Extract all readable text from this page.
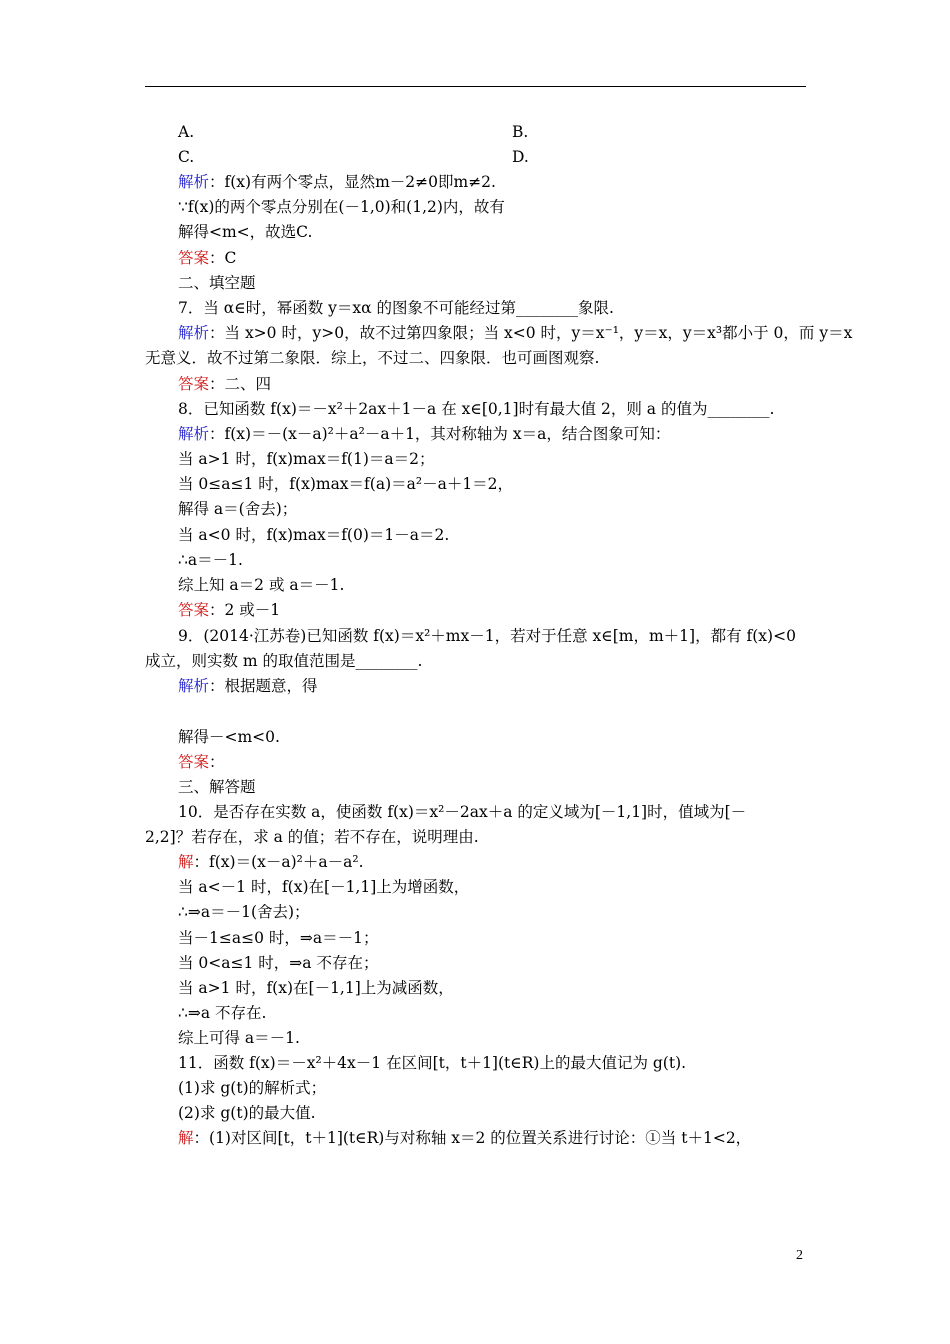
A.	B.
C.	D.
解析：f(x)有两个零点，显然m－2≠0即m≠2.
∵f(x)的两个零点分别在(－1,0)和(1,2)内，故有
解得<m<，故选C.
答案：C
二、填空题
7．当 α∈时，幂函数 y＝xα 的图象不可能经过第________象限.
解析：当 x>0 时，y>0，故不过第四象限；当 x<0 时，y＝x⁻¹，y＝x，y＝x³都小于 0，而 y＝x
无意义．故不过第二象限．综上，不过二、四象限．也可画图观察.
答案：二、四
8．已知函数 f(x)＝－x²＋2ax＋1－a 在 x∈[0,1]时有最大值 2，则 a 的值为________.
解析：f(x)＝－(x－a)²＋a²－a＋1，其对称轴为 x＝a，结合图象可知：
当 a>1 时，f(x)max＝f(1)＝a＝2；
当 0≤a≤1 时，f(x)max＝f(a)＝a²－a＋1＝2，
解得 a＝(舍去)；
当 a<0 时，f(x)max＝f(0)＝1－a＝2.
∴a＝－1.
综上知 a＝2 或 a＝－1.
答案：2 或－1
9．(2014·江苏卷)已知函数 f(x)＝x²＋mx－1，若对于任意 x∈[m，m＋1]，都有 f(x)<0
成立，则实数 m 的取值范围是________.
解析：根据题意，得
解得－<m<0.
答案：
三、解答题
10．是否存在实数 a，使函数 f(x)＝x²－2ax＋a 的定义域为[－1,1]时，值域为[－
2,2]？若存在，求 a 的值；若不存在，说明理由.
解：f(x)＝(x－a)²＋a－a².
当 a<－1 时，f(x)在[－1,1]上为增函数，
∴⇒a＝－1(舍去)；
当－1≤a≤0 时，⇒a＝－1；
当 0<a≤1 时，⇒a 不存在；
当 a>1 时，f(x)在[－1,1]上为减函数，
∴⇒a 不存在.
综上可得 a＝－1.
11．函数 f(x)＝－x²＋4x－1 在区间[t，t＋1](t∈R)上的最大值记为 g(t).
(1)求 g(t)的解析式；
(2)求 g(t)的最大值.
解：(1)对区间[t，t＋1](t∈R)与对称轴 x＝2 的位置关系进行讨论：①当 t＋1<2，
2
